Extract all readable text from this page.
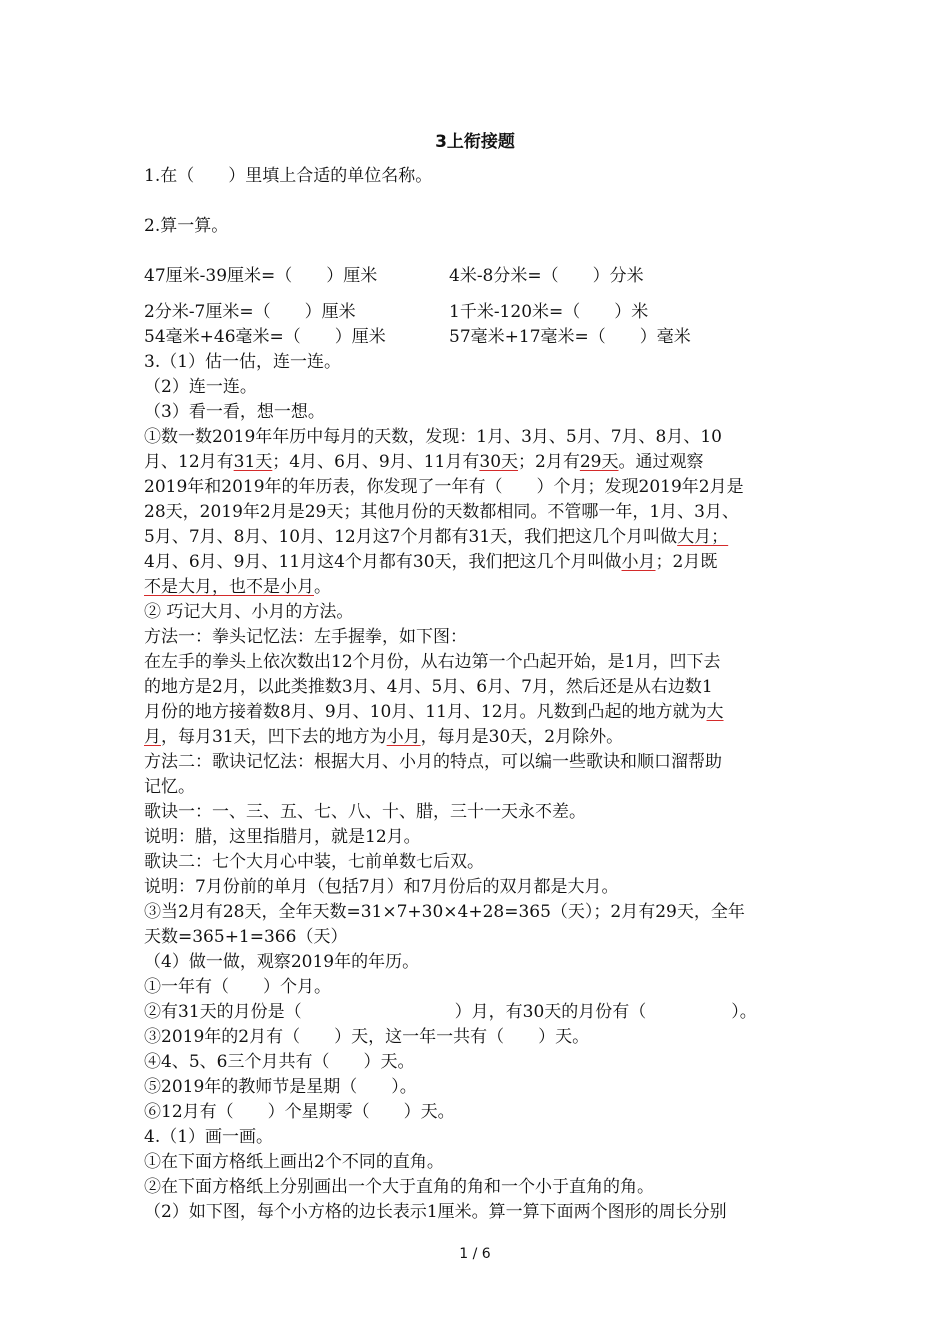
3上衔接题
1.在（　　）里填上合适的单位名称。
2.算一算。
47厘米-39厘米=（　　）厘米	4米-8分米=（　　）分米
2分米-7厘米=（　　）厘米	1千米-120米=（　　）米
54毫米+46毫米=（　　）厘米	57毫米+17毫米=（　　）毫米
3.（1）估一估，连一连。
（2）连一连。
（3）看一看，想一想。
①数一数2019年年历中每月的天数，发现：1月、3月、5月、7月、8月、10
月、12月有31天；4月、6月、9月、11月有30天；2月有29天。通过观察
2019年和2019年的年历表，你发现了一年有（　　）个月；发现2019年2月是
28天，2019年2月是29天；其他月份的天数都相同。不管哪一年，1月、3月、
5月、7月、8月、10月、12月这7个月都有31天，我们把这几个月叫做大月；
4月、6月、9月、11月这4个月都有30天，我们把这几个月叫做小月；2月既
不是大月，也不是小月。
② 巧记大月、小月的方法。
方法一：拳头记忆法：左手握拳，如下图：
在左手的拳头上依次数出12个月份，从右边第一个凸起开始，是1月，凹下去
的地方是2月，以此类推数3月、4月、5月、6月、7月，然后还是从右边数1
月份的地方接着数8月、9月、10月、11月、12月。凡数到凸起的地方就为大
月，每月31天，凹下去的地方为小月，每月是30天，2月除外。
方法二：歌诀记忆法：根据大月、小月的特点，可以编一些歌诀和顺口溜帮助
记忆。
歌诀一：一、三、五、七、八、十、腊，三十一天永不差。
说明：腊，这里指腊月，就是12月。
歌诀二：七个大月心中装，七前单数七后双。
说明：7月份前的单月（包括7月）和7月份后的双月都是大月。
③当2月有28天，全年天数=31×7+30×4+28=365（天）；2月有29天，全年
天数=365+1=366（天）
（4）做一做，观察2019年的年历。
①一年有（　　）个月。
②有31天的月份是（　　　　　　　　　）月，有30天的月份有（　　　　　）。
③2019年的2月有（　　）天，这一年一共有（　　）天。
④4、5、6三个月共有（　　）天。
⑤2019年的教师节是星期（　　）。
⑥12月有（　　）个星期零（　　）天。
4.（1）画一画。
①在下面方格纸上画出2个不同的直角。
②在下面方格纸上分别画出一个大于直角的角和一个小于直角的角。
（2）如下图，每个小方格的边长表示1厘米。算一算下面两个图形的周长分别
1 / 6
